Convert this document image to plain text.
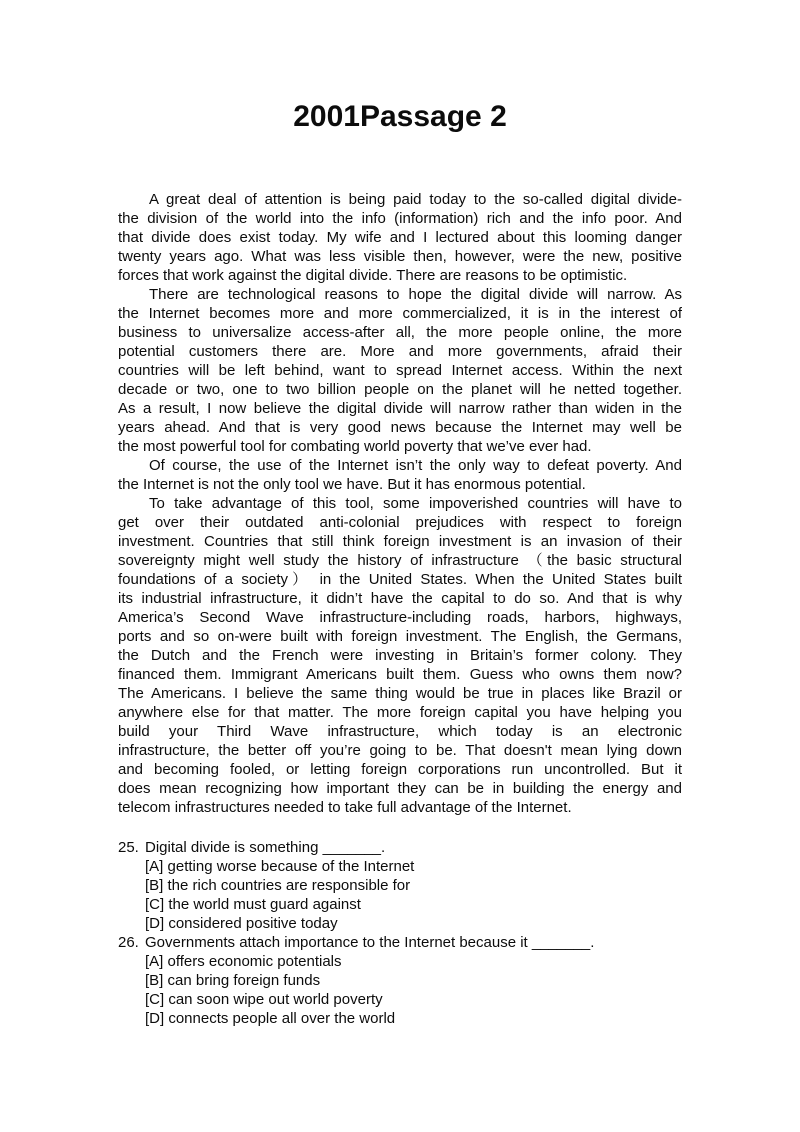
2001Passage 2
A great deal of attention is being paid today to the so-called digital divide-
the division of the world into the info (information) rich and the info poor. And
that divide does exist today. My wife and I lectured about this looming danger
twenty years ago. What was less visible then, however, were the new, positive
forces that work against the digital divide. There are reasons to be optimistic.
There are technological reasons to hope the digital divide will narrow. As
the Internet becomes more and more commercialized, it is in the interest of
business to universalize access-after all, the more people online, the more
potential customers there are. More and more governments, afraid their
countries will be left behind, want to spread Internet access. Within the next
decade or two, one to two billion people on the planet will he netted together.
As a result, I now believe the digital divide will narrow rather than widen in the
years ahead. And that is very good news because the Internet may well be
the most powerful tool for combating world poverty that we’ve ever had.
Of course, the use of the Internet isn’t the only way to defeat poverty. And
the Internet is not the only tool we have. But it has enormous potential.
To take advantage of this tool, some impoverished countries will have to
get over their outdated anti-colonial prejudices with respect to foreign
investment. Countries that still think foreign investment is an invasion of their
sovereignty might well study the history of infrastructure （the basic structural
foundations of a society） in the United States. When the United States built
its industrial infrastructure, it didn’t have the capital to do so. And that is why
America’s Second Wave infrastructure-including roads, harbors, highways,
ports and so on-were built with foreign investment. The English, the Germans,
the Dutch and the French were investing in Britain’s former colony. They
financed them. Immigrant Americans built them. Guess who owns them now?
The Americans. I believe the same thing would be true in places like Brazil or
anywhere else for that matter. The more foreign capital you have helping you
build your Third Wave infrastructure, which today is an electronic
infrastructure, the better off you’re going to be. That doesn't mean lying down
and becoming fooled, or letting foreign corporations run uncontrolled. But it
does mean recognizing how important they can be in building the energy and
telecom infrastructures needed to take full advantage of the Internet.
25. Digital divide is something _______.
[A] getting worse because of the Internet
[B] the rich countries are responsible for
[C] the world must guard against
[D] considered positive today
26. Governments attach importance to the Internet because it _______.
[A] offers economic potentials
[B] can bring foreign funds
[C] can soon wipe out world poverty
[D] connects people all over the world
